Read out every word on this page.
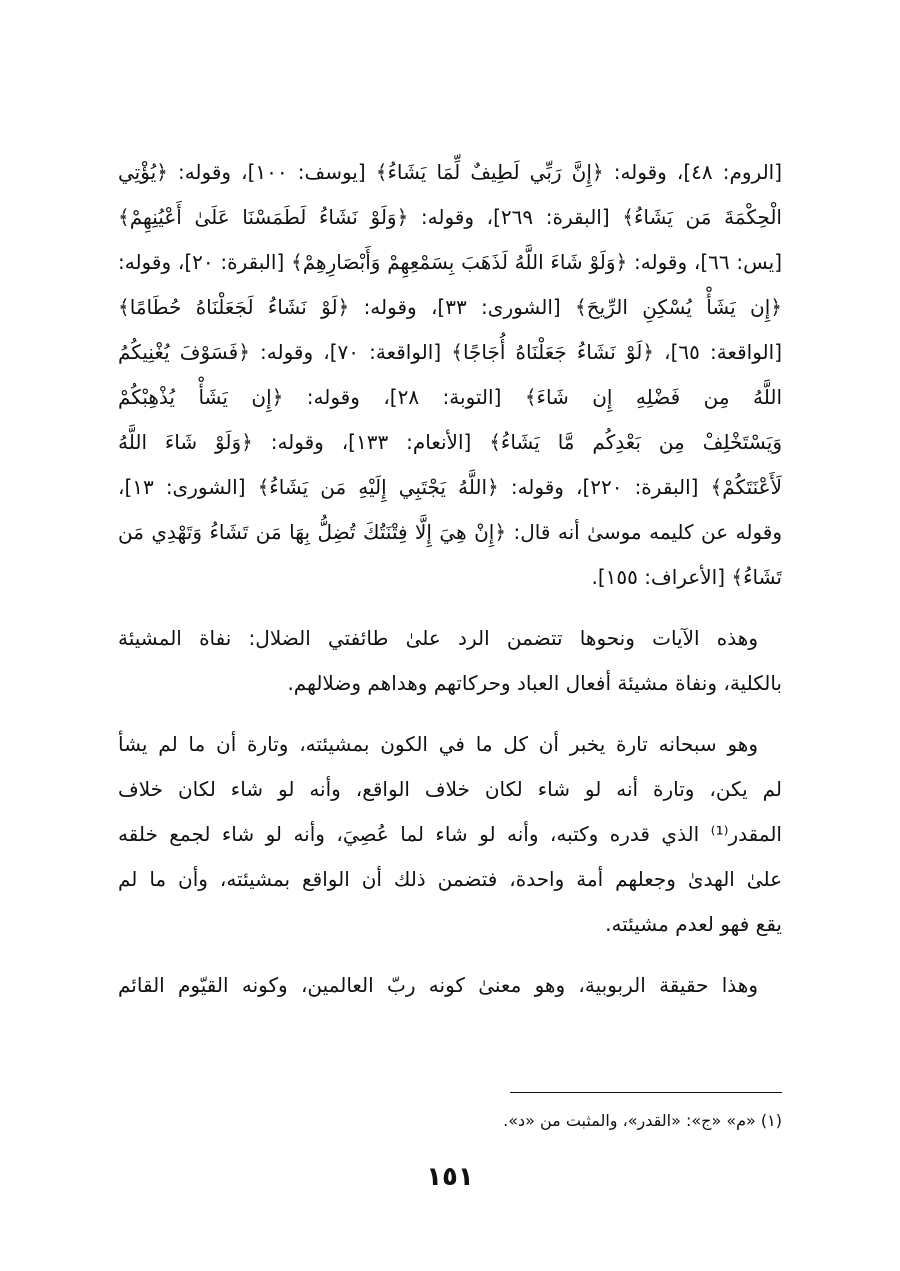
[الروم: ٤٨]، وقوله: ﴿إِنَّ رَبِّي لَطِيفٌ لِّمَا يَشَاءُ﴾ [يوسف: ١٠٠]، وقوله: ﴿يُؤْتِي
الْحِكْمَةَ مَن يَشَاءُ﴾ [البقرة: ٢٦٩]، وقوله: ﴿وَلَوْ نَشَاءُ لَطَمَسْنَا عَلَىٰ أَعْيُنِهِمْ﴾
[يس: ٦٦]، وقوله: ﴿وَلَوْ شَاءَ اللَّهُ لَذَهَبَ بِسَمْعِهِمْ وَأَبْصَارِهِمْ﴾ [البقرة: ٢٠]، وقوله:
﴿إِن يَشَأْ يُسْكِنِ الرِّيحَ﴾ [الشورى: ٣٣]، وقوله: ﴿لَوْ نَشَاءُ لَجَعَلْنَاهُ حُطَامًا﴾
[الواقعة: ٦٥]، ﴿لَوْ نَشَاءُ جَعَلْنَاهُ أُجَاجًا﴾ [الواقعة: ٧٠]، وقوله: ﴿فَسَوْفَ يُغْنِيكُمُ
اللَّهُ مِن فَضْلِهِ إِن شَاءَ﴾ [التوبة: ٢٨]، وقوله: ﴿إِن يَشَأْ يُذْهِبْكُمْ
وَيَسْتَخْلِفْ مِن بَعْدِكُم مَّا يَشَاءُ﴾ [الأنعام: ١٣٣]، وقوله: ﴿وَلَوْ شَاءَ اللَّهُ
لَأَعْنَتَكُمْ﴾ [البقرة: ٢٢٠]، وقوله: ﴿اللَّهُ يَجْتَبِي إِلَيْهِ مَن يَشَاءُ﴾ [الشورى: ١٣]،
وقوله عن كليمه موسىٰ أنه قال: ﴿إِنْ هِيَ إِلَّا فِتْنَتُكَ تُضِلُّ بِهَا مَن تَشَاءُ وَتَهْدِي مَن
تَشَاءُ﴾ [الأعراف: ١٥٥].
وهذه الآيات ونحوها تتضمن الرد علىٰ طائفتي الضلال: نفاة المشيئة
بالكلية، ونفاة مشيئة أفعال العباد وحركاتهم وهداهم وضلالهم.
وهو سبحانه تارة يخبر أن كل ما في الكون بمشيئته، وتارة أن ما لم يشأ
لم يكن، وتارة أنه لو شاء لكان خلاف الواقع، وأنه لو شاء لكان خلاف
المقدر⁽¹⁾ الذي قدره وكتبه، وأنه لو شاء لما عُصِيَ، وأنه لو شاء لجمع خلقه
علىٰ الهدىٰ وجعلهم أمة واحدة، فتضمن ذلك أن الواقع بمشيئته، وأن ما لم
يقع فهو لعدم مشيئته.
وهذا حقيقة الربوبية، وهو معنىٰ كونه ربّ العالمين، وكونه القيّوم القائم
(١) «م» «ج»: «القدر»، والمثبت من «د».
١٥١
